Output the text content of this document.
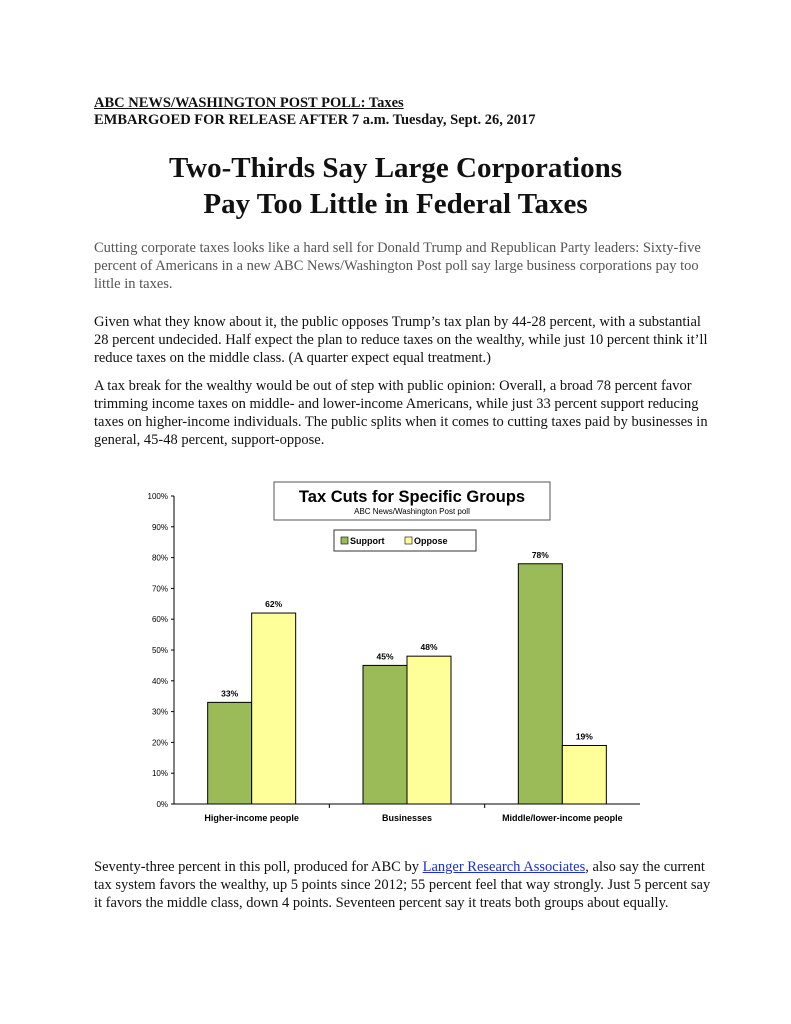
ABC NEWS/WASHINGTON POST POLL: Taxes
EMBARGOED FOR RELEASE AFTER 7 a.m. Tuesday, Sept. 26, 2017
Two-Thirds Say Large Corporations
Pay Too Little in Federal Taxes
Cutting corporate taxes looks like a hard sell for Donald Trump and Republican Party leaders: Sixty-five percent of Americans in a new ABC News/Washington Post poll say large business corporations pay too little in taxes.
Given what they know about it, the public opposes Trump’s tax plan by 44-28 percent, with a substantial 28 percent undecided. Half expect the plan to reduce taxes on the wealthy, while just 10 percent think it’ll reduce taxes on the middle class. (A quarter expect equal treatment.)
A tax break for the wealthy would be out of step with public opinion: Overall, a broad 78 percent favor trimming income taxes on middle- and lower-income Americans, while just 33 percent support reducing taxes on higher-income individuals. The public splits when it comes to cutting taxes paid by businesses in general, 45-48 percent, support-oppose.
0%
10%
20%
30%
40%
50%
60%
70%
80%
90%
100%
33%
62%
45%
48%
78%
19%
Higher-income people	Businesses	Middle/lower-income people
Tax Cuts for Specific Groups
ABC News/Washington Post poll
Support	Oppose
Seventy-three percent in this poll, produced for ABC by Langer Research Associates, also say the current tax system favors the wealthy, up 5 points since 2012; 55 percent feel that way strongly. Just 5 percent say it favors the middle class, down 4 points. Seventeen percent say it treats both groups about equally.
